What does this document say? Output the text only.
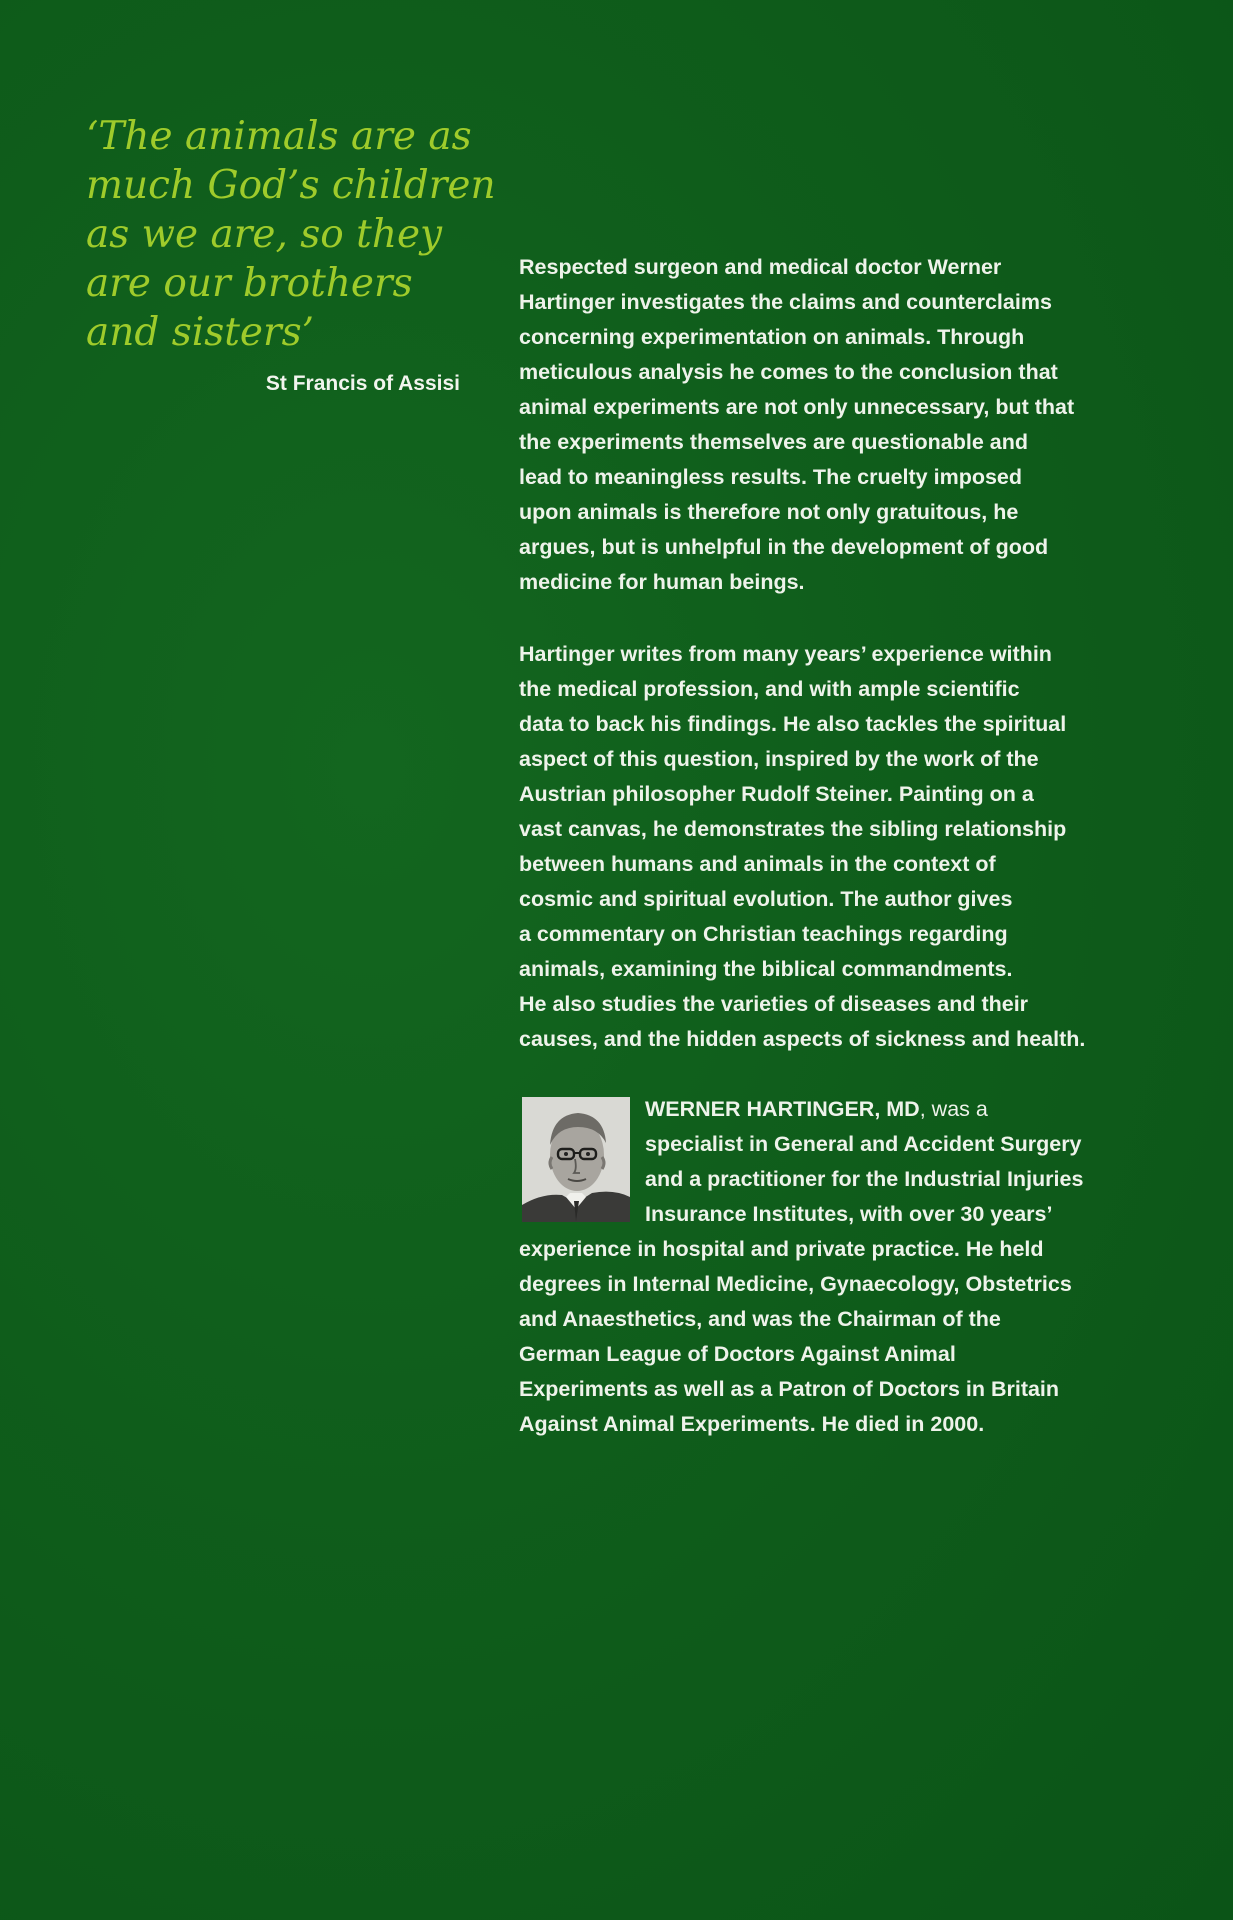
‘The animals are as
much God’s children
as we are, so they
are our brothers
and sisters’
St Francis of Assisi
Respected surgeon and medical doctor Werner
Hartinger investigates the claims and counterclaims
concerning experimentation on animals. Through
meticulous analysis he comes to the conclusion that
animal experiments are not only unnecessary, but that
the experiments themselves are questionable and
lead to meaningless results. The cruelty imposed
upon animals is therefore not only gratuitous, he
argues, but is unhelpful in the development of good
medicine for human beings.
Hartinger writes from many years’ experience within
the medical profession, and with ample scientific
data to back his findings. He also tackles the spiritual
aspect of this question, inspired by the work of the
Austrian philosopher Rudolf Steiner. Painting on a
vast canvas, he demonstrates the sibling relationship
between humans and animals in the context of
cosmic and spiritual evolution. The author gives
a commentary on Christian teachings regarding
animals, examining the biblical commandments.
He also studies the varieties of diseases and their
causes, and the hidden aspects of sickness and health.
WERNER HARTINGER, MD, was a
specialist in General and Accident Surgery
and a practitioner for the Industrial Injuries
Insurance Institutes, with over 30 years’
experience in hospital and private practice. He held
degrees in Internal Medicine, Gynaecology, Obstetrics
and Anaesthetics, and was the Chairman of the
German League of Doctors Against Animal
Experiments as well as a Patron of Doctors in Britain
Against Animal Experiments. He died in 2000.
